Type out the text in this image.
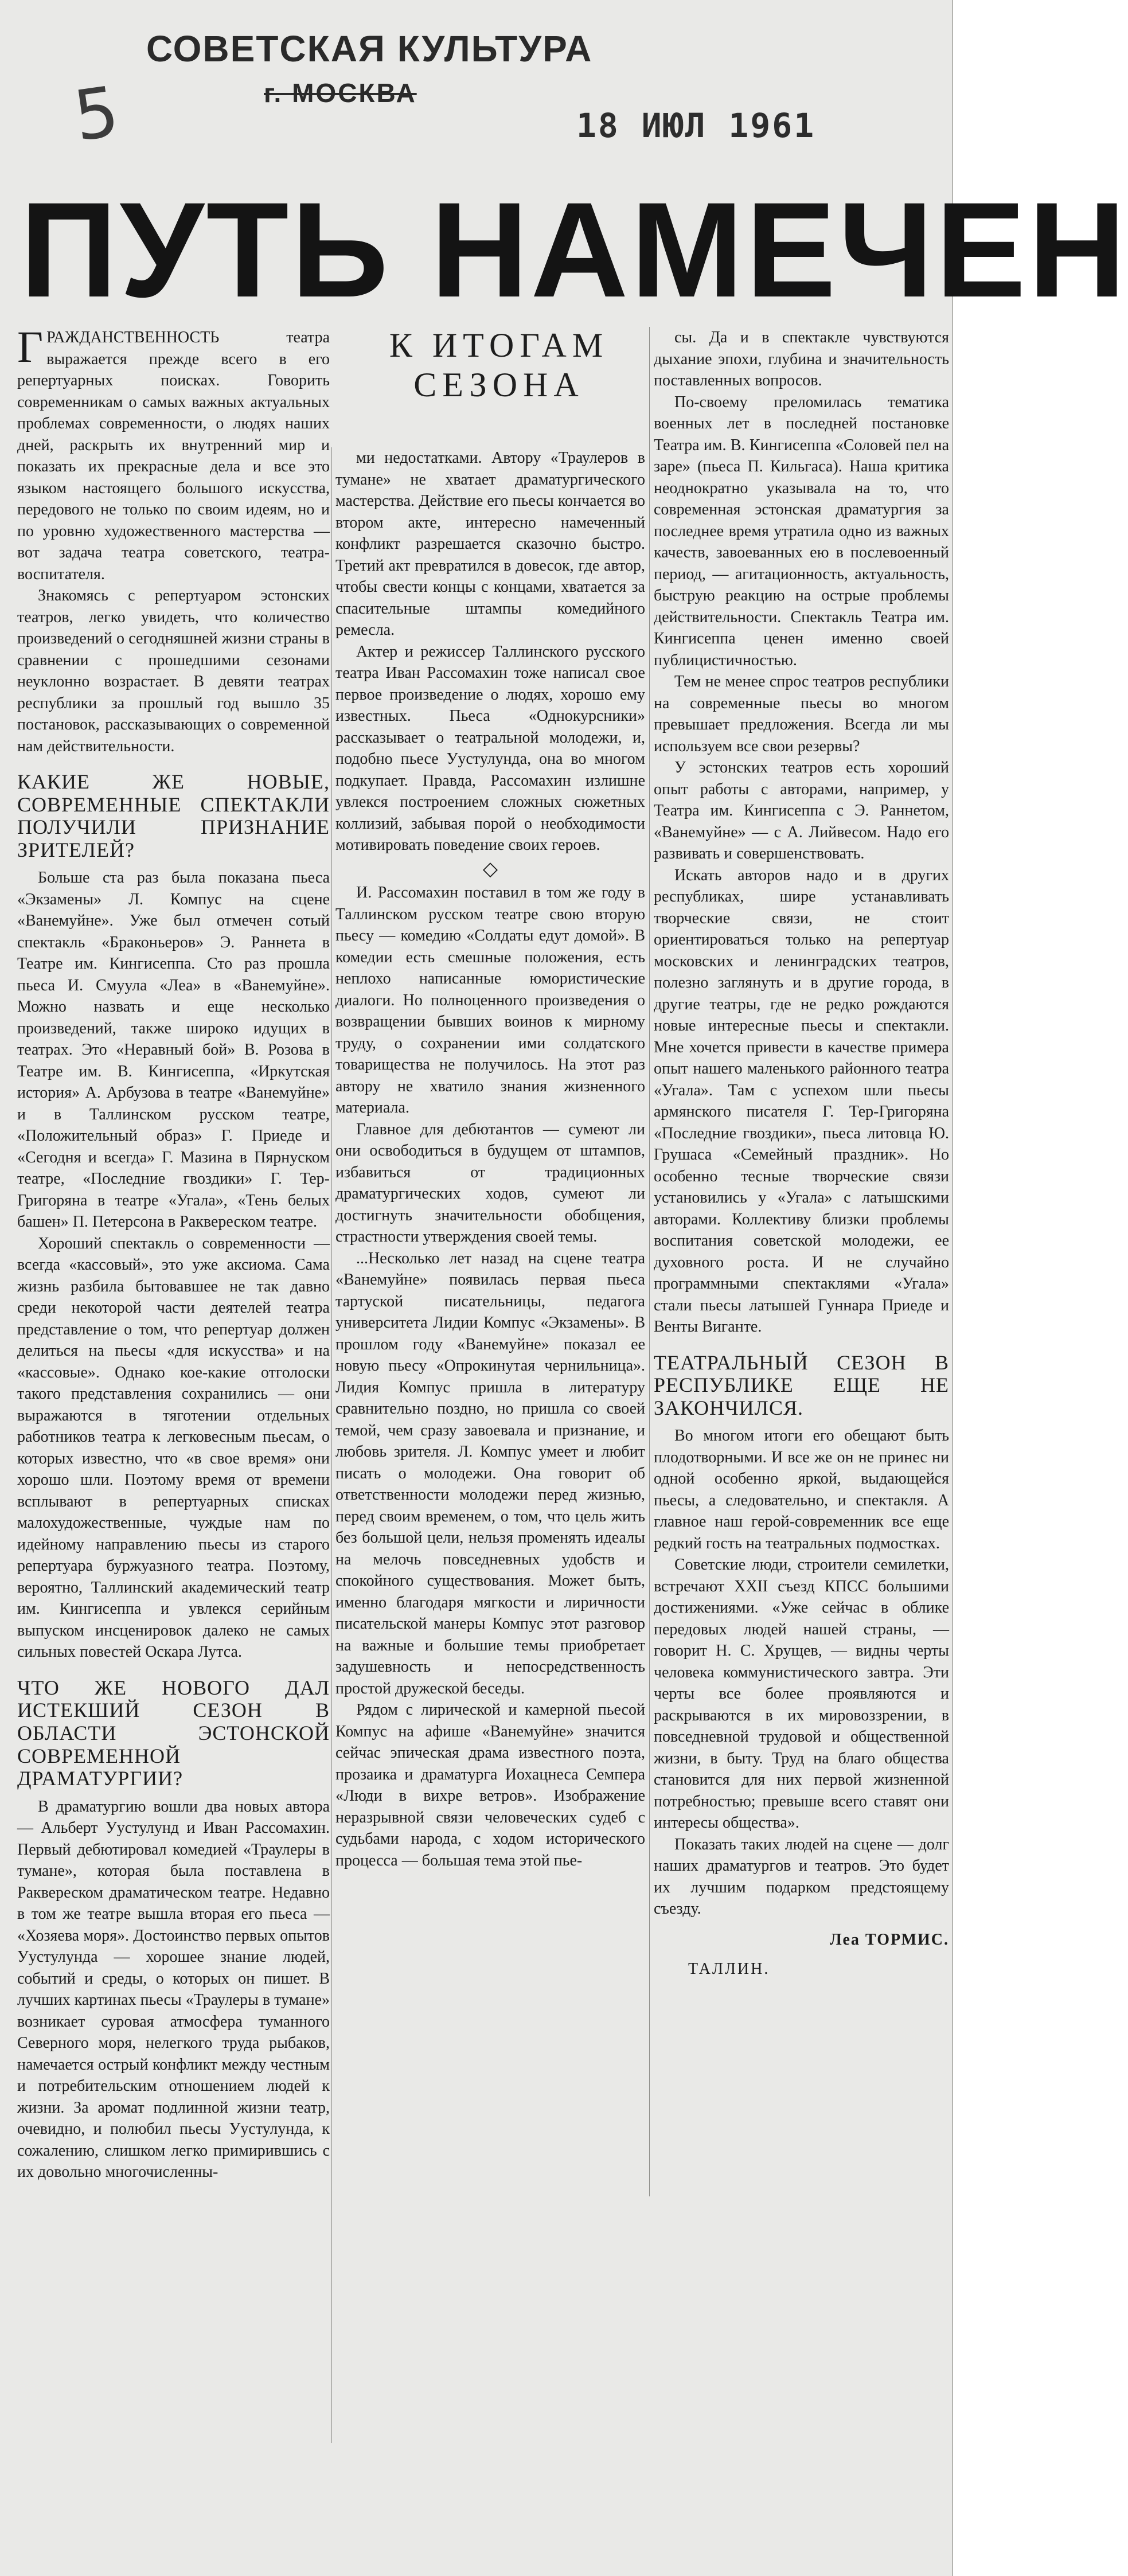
СОВЕТСКАЯ КУЛЬТУРА
г. МОСКВА
5	18 ИЮЛ 1961
ПУТЬ НАМЕЧЕН
К ИТОГАМ
СЕЗОНА

ГРАЖДАНСТВЕННОСТЬ театра выражается прежде всего в его репертуарных поисках. Говорить современникам о самых важных актуальных проблемах современности, о людях наших дней, раскрыть их внутренний мир и показать их прекрасные дела и все это языком настоящего большого искусства, передового не только по своим идеям, но и по уровню художественного мастерства — вот задача театра советского, театра-воспитателя.

Знакомясь с репертуаром эстонских театров, легко увидеть, что количество произведений о сегодняшней жизни страны в сравнении с прошедшими сезонами неуклонно возрастает. В девяти театрах республики за прошлый год вышло 35 постановок, рассказывающих о современной нам действительности.

КАКИЕ ЖЕ НОВЫЕ, СОВРЕМЕННЫЕ СПЕКТАКЛИ ПОЛУЧИЛИ ПРИЗНАНИЕ ЗРИТЕЛЕЙ?

Больше ста раз была показана пьеса «Экзамены» Л. Компус на сцене «Ванемуйне». Уже был отмечен сотый спектакль «Браконьеров» Э. Раннета в Театре им. Кингисеппа. Сто раз прошла пьеса И. Смуула «Леа» в «Ванемуйне». Можно назвать и еще несколько произведений, также широко идущих в театрах. Это «Неравный бой» В. Розова в Театре им. В. Кингисеппа, «Иркутская история» А. Арбузова в театре «Ванемуйне» и в Таллинском русском театре, «Положительный образ» Г. Приеде и «Сегодня и всегда» Г. Мазина в Пярнуском театре, «Последние гвоздики» Г. Тер-Григоряна в театре «Угала», «Тень белых башен» П. Петерсона в Раквереском театре.

Хороший спектакль о современности — всегда «кассовый», это уже аксиома. Сама жизнь разбила бытовавшее не так давно среди некоторой части деятелей театра представление о том, что репертуар должен делиться на пьесы «для искусства» и на «кассовые». Однако кое-какие отголоски такого представления сохранились — они выражаются в тяготении отдельных работников театра к легковесным пьесам, о которых известно, что «в свое время» они хорошо шли. Поэтому время от времени всплывают в репертуарных списках малохудожественные, чуждые нам по идейному направлению пьесы из старого репертуара буржуазного театра. Поэтому, вероятно, Таллинский академический театр им. Кингисеппа и увлекся серийным выпуском инсценировок далеко не самых сильных повестей Оскара Лутса.

ЧТО ЖЕ НОВОГО ДАЛ ИСТЕКШИЙ СЕЗОН В ОБЛАСТИ ЭСТОНСКОЙ СОВРЕМЕННОЙ ДРАМАТУРГИИ?

В драматургию вошли два новых автора — Альберт Уустулунд и Иван Рассомахин. Первый дебютировал комедией «Траулеры в тумане», которая была поставлена в Раквереском драматическом театре. Недавно в том же театре вышла вторая его пьеса — «Хозяева моря». Достоинство первых опытов Уустулунда — хорошее знание людей, событий и среды, о которых он пишет. В лучших картинах пьесы «Траулеры в тумане» возникает суровая атмосфера туманного Северного моря, нелегкого труда рыбаков, намечается острый конфликт между честным и потребительским отношением людей к жизни. За аромат подлинной жизни театр, очевидно, и полюбил пьесы Уустулунда, к сожалению, слишком легко примирившись с их довольно многочисленны-

ми недостатками. Автору «Траулеров в тумане» не хватает драматургического мастерства. Действие его пьесы кончается во втором акте, интересно намеченный конфликт разрешается сказочно быстро. Третий акт превратился в довесок, где автор, чтобы свести концы с концами, хватается за спасительные штампы комедийного ремесла.

Актер и режиссер Таллинского русского театра Иван Рассомахин тоже написал свое первое произведение о людях, хорошо ему известных. Пьеса «Однокурсники» рассказывает о театральной молодежи, и, подобно пьесе Уустулунда, она во многом подкупает. Правда, Рассомахин излишне увлекся построением сложных сюжетных коллизий, забывая порой о необходимости мотивировать поведение своих героев.

◇

И. Рассомахин поставил в том же году в Таллинском русском театре свою вторую пьесу — комедию «Солдаты едут домой». В комедии есть смешные положения, есть неплохо написанные юмористические диалоги. Но полноценного произведения о возвращении бывших воинов к мирному труду, о сохранении ими солдатского товарищества не получилось. На этот раз автору не хватило знания жизненного материала.

Главное для дебютантов — сумеют ли они освободиться в будущем от штампов, избавиться от традиционных драматургических ходов, сумеют ли достигнуть значительности обобщения, страстности утверждения своей темы.

...Несколько лет назад на сцене театра «Ванемуйне» появилась первая пьеса тартуской писательницы, педагога университета Лидии Компус «Экзамены». В прошлом году «Ванемуйне» показал ее новую пьесу «Опрокинутая чернильница». Лидия Компус пришла в литературу сравнительно поздно, но пришла со своей темой, чем сразу завоевала и признание, и любовь зрителя. Л. Компус умеет и любит писать о молодежи. Она говорит об ответственности молодежи перед жизнью, перед своим временем, о том, что цель жить без большой цели, нельзя променять идеалы на мелочь повседневных удобств и спокойного существования. Может быть, именно благодаря мягкости и лиричности писательской манеры Компус этот разговор на важные и большие темы приобретает задушевность и непосредственность простой дружеской беседы.

Рядом с лирической и камерной пьесой Компус на афише «Ванемуйне» значится сейчас эпическая драма известного поэта, прозаика и драматурга Иохацнеса Семпера «Люди в вихре ветров». Изображение неразрывной связи человеческих судеб с судьбами народа, с ходом исторического процесса — большая тема этой пье-

сы. Да и в спектакле чувствуются дыхание эпохи, глубина и значительность поставленных вопросов.

По-своему преломилась тематика военных лет в последней постановке Театра им. В. Кингисеппа «Соловей пел на заре» (пьеса П. Кильгаса). Наша критика неоднократно указывала на то, что современная эстонская драматургия за последнее время утратила одно из важных качеств, завоеванных ею в послевоенный период, — агитационность, актуальность, быструю реакцию на острые проблемы действительности. Спектакль Театра им. Кингисеппа ценен именно своей публицистичностью.

Тем не менее спрос театров республики на современные пьесы во многом превышает предложения. Всегда ли мы используем все свои резервы?

У эстонских театров есть хороший опыт работы с авторами, например, у Театра им. Кингисеппа с Э. Раннетом, «Ванемуйне» — с А. Лийвесом. Надо его развивать и совершенствовать.

Искать авторов надо и в других республиках, шире устанавливать творческие связи, не стоит ориентироваться только на репертуар московских и ленинградских театров, полезно заглянуть и в другие города, в другие театры, где не редко рождаются новые интересные пьесы и спектакли. Мне хочется привести в качестве примера опыт нашего маленького районного театра «Угала». Там с успехом шли пьесы армянского писателя Г. Тер-Григоряна «Последние гвоздики», пьеса литовца Ю. Грушаса «Семейный праздник». Но особенно тесные творческие связи установились у «Угала» с латышскими авторами. Коллективу близки проблемы воспитания советской молодежи, ее духовного роста. И не случайно программными спектаклями «Угала» стали пьесы латышей Гуннара Приеде и Венты Вигантe.

ТЕАТРАЛЬНЫЙ СЕЗОН В РЕСПУБЛИКЕ ЕЩЕ НЕ ЗАКОНЧИЛСЯ.

Во многом итоги его обещают быть плодотворными. И все же он не принес ни одной особенно яркой, выдающейся пьесы, а следовательно, и спектакля. А главное наш герой-современник все еще редкий гость на театральных подмостках.

Советские люди, строители семилетки, встречают XXII съезд КПСС большими достижениями. «Уже сейчас в облике передовых людей нашей страны, — говорит Н. С. Хрущев, — видны черты человека коммунистического завтра. Эти черты все более проявляются и раскрываются в их мировоззрении, в повседневной трудовой и общественной жизни, в быту. Труд на благо общества становится для них первой жизненной потребностью; превыше всего ставят они интересы общества».

Показать таких людей на сцене — долг наших драматургов и театров. Это будет их лучшим подарком предстоящему съезду.

Леа ТОРМИС.

ТАЛЛИН.
